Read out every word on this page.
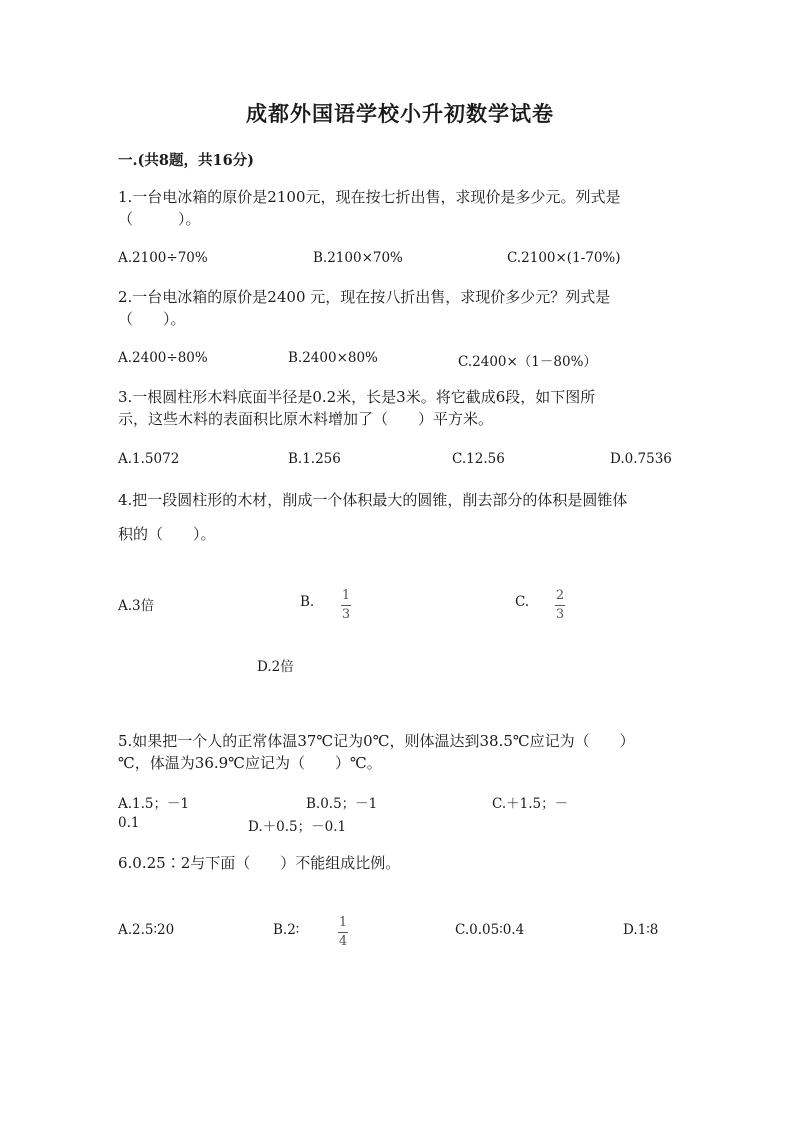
成都外国语学校小升初数学试卷
一.(共8题，共16分)
1.一台电冰箱的原价是2100元，现在按七折出售，求现价是多少元。列式是
（　　　）。
A.2100÷70%	B.2100×70%	C.2100×(1-70%)
2.一台电冰箱的原价是2400 元，现在按八折出售，求现价多少元？列式是
（　　）。
A.2400÷80%	B.2400×80%	C.2400×（1－80%）
3.一根圆柱形木料底面半径是0.2米，长是3米。将它截成6段，如下图所
示，这些木料的表面积比原木料增加了（　　）平方米。
A.1.5072	B.1.256	C.12.56	D.0.7536
4.把一段圆柱形的木材，削成一个体积最大的圆锥，削去部分的体积是圆锥体
积的（　　）。
A.3倍	B. 1
3
C. 2
3
D.2倍
5.如果把一个人的正常体温37℃记为0℃，则体温达到38.5℃应记为（　　）
℃，体温为36.9℃应记为（　　）℃。
A.1.5；－1	B.0.5；－1	C.＋1.5；－
0.1	D.＋0.5；－0.1
6.0.25∶2与下面（　　）不能组成比例。
A.2.5∶20	B.2∶	1
4
C.0.05∶0.4	D.1∶8
